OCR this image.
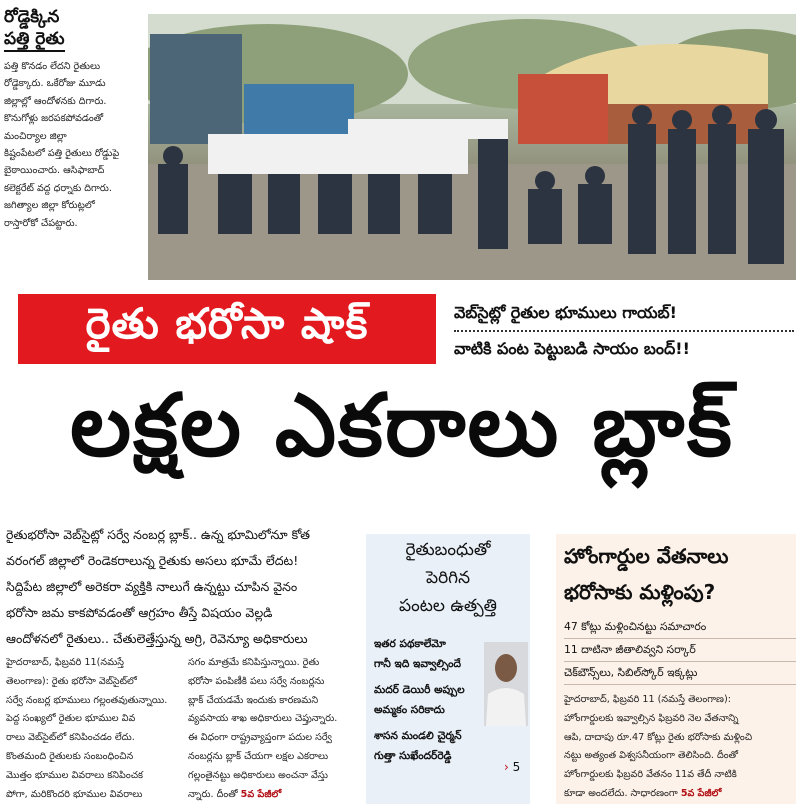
రోడ్డెక్కిన
పత్తి రైతు
పత్తి కొనడం లేదని రైతులు
రోడ్డెక్కారు. ఒకేరోజు మూడు
జిల్లాల్లో ఆందోళనకు దిగారు.
కొనుగోళ్లు జరపకపోవడంతో
మంచిర్యాల జిల్లా
కిష్టంపేటలో పత్తి రైతులు రోడ్డుపై
బైఠాయించారు. ఆసిఫాబాద్
కలెక్టరేట్ వద్ద ధర్నాకు దిగారు.
జగిత్యాల జిల్లా కోరుట్లలో
రాస్తారోకో చేపట్టారు.
రైతు భరోసా షాక్	వెబ్‌సైట్లో రైతుల భూములు గాయబ్!
వాటికి పంట పెట్టుబడి సాయం బంద్!!
లక్షల ఎకరాలు బ్లాక్
రైతుభరోసా వెబ్‌సైట్లో సర్వే నంబర్ల బ్లాక్.. ఉన్న భూమిలోనూ కోత
వరంగల్ జిల్లాలో రెండెకరాలున్న రైతుకు అసలు భూమే లేదట!
సిద్దిపేట జిల్లాలో అరెకరా వ్యక్తికి నాలుగే ఉన్నట్టు చూపిన వైనం
భరోసా జమ కాకపోవడంతో ఆగ్రహం తీస్తే విషయం వెల్లడి
ఆందోళనలో రైతులు.. చేతులెత్తేస్తున్న అగ్రి, రెవెన్యూ అధికారులు
హైదరాబాద్, ఫిబ్రవరి 11(నమస్తే
తెలంగాణ): రైతు భరోసా వెబ్‌సైట్‌లో
సర్వే నంబర్ల భూములు గల్లంతవుతున్నాయి.
పెద్ద సంఖ్యలో రైతుల భూముల వివ
రాలు వెబ్‌సైట్‌లో కనిపించడం లేదు.
కొంతమంది రైతులకు సంబంధించిన
మొత్తం భూముల వివరాలు కనిపించక
పోగా, మరికొందరి భూముల వివరాలు
సగం మాత్రమే కనిపిస్తున్నాయి. రైతు
భరోసా పంపిణీకి పలు సర్వే నంబర్లను
బ్లాక్ చేయడమే ఇందుకు కారణమని
వ్యవసాయ శాఖ అధికారులు చెప్తున్నారు.
ఈ విధంగా రాష్ట్రవ్యాప్తంగా పదుల సర్వే
నంబర్లను బ్లాక్ చేయగా లక్షల ఎకరాలు
గల్లంతైనట్టు అధికారులు అంచనా వేస్తు
న్నారు. దీంతో 5వ పేజీలో
రైతుబంధుతో
పెరిగిన
పంటల ఉత్పత్తి
ఇతర పథకాలేమో
గానీ ఇది ఇవ్వాల్సిందే
మదర్ డెయిరీ అప్పుల
అమ్మకం సరికాదు
శాసన మండలి చైర్మన్
గుత్తా సుఖేందర్‌రెడ్డి
› 5
హోంగార్డుల వేతనాలు
భరోసాకు మళ్లింపు?
47 కోట్లు మళ్లించినట్టు సమాచారం
11 దాటినా జీతాలివ్వని సర్కార్
చెక్‌బౌన్స్‌లు, సిబిల్‌స్కోర్ ఇక్కట్లు
హైదరాబాద్, ఫిబ్రవరి 11 (నమస్తే తెలంగాణ):
హోంగార్డులకు ఇవ్వాల్సిన ఫిబ్రవరి నెల వేతనాన్ని
ఆపి, దాదాపు రూ.47 కోట్లు రైతు భరోసాకు మళ్లించి
నట్టు అత్యంత విశ్వసనీయంగా తెలిసింది. దీంతో
హోంగార్డులకు ఫిబ్రవరి వేతనం 11వ తేదీ నాటికి
కూడా అందలేదు. సాధారణంగా 5వ పేజీలో
